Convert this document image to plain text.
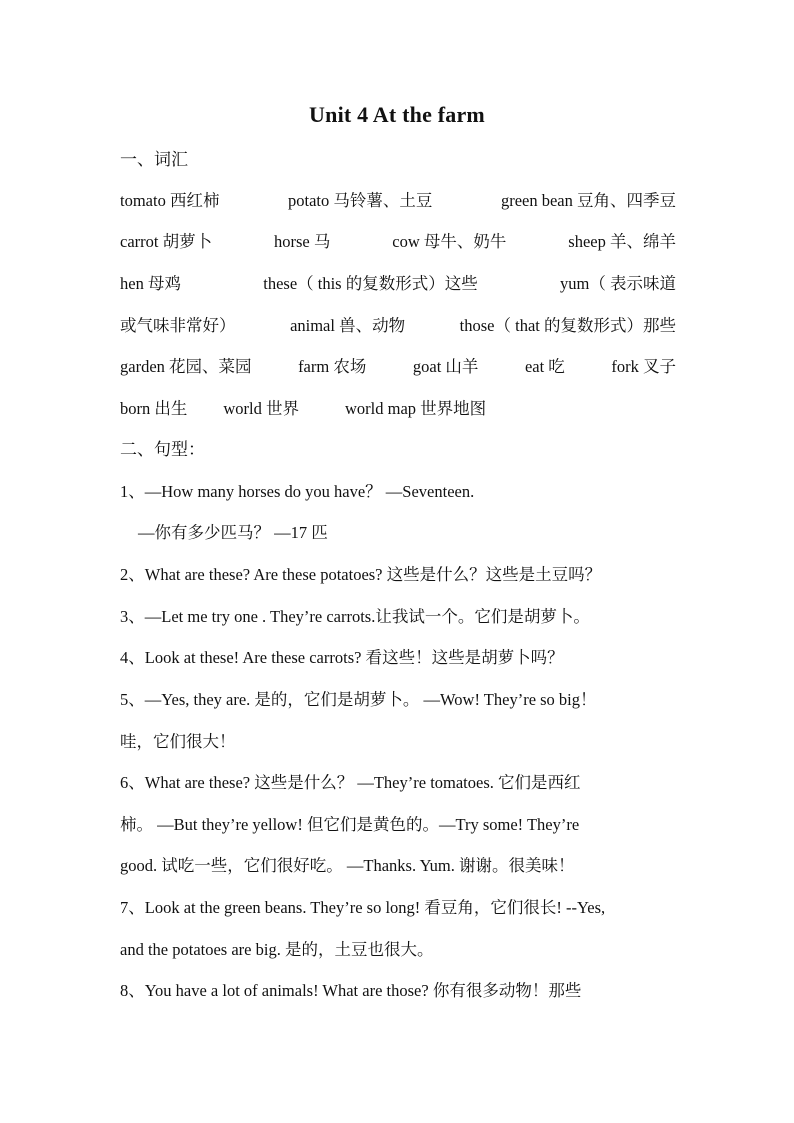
Unit 4 At the farm
一、词汇
tomato 西红柿	potato 马铃薯、土豆	green bean 豆角、四季豆
carrot 胡萝卜	horse 马	cow 母牛、奶牛	sheep 羊、绵羊
hen 母鸡	these（ this 的复数形式）这些	yum（ 表示味道
或气味非常好）	animal 兽、动物	those（ that 的复数形式）那些
garden 花园、菜园	farm 农场	goat 山羊	eat 吃	fork 叉子
born 出生 world 世界	world map 世界地图
二、句型：
1、—How many horses do you have？ —Seventeen.
—你有多少匹马？ —17 匹
2、What are these? Are these potatoes? 这些是什么？这些是土豆吗？
3、—Let me try one . They’re carrots.让我试一个。它们是胡萝卜。
4、Look at these! Are these carrots? 看这些！这些是胡萝卜吗？
5、—Yes, they are. 是的，它们是胡萝卜。 —Wow! They’re so big！
哇，它们很大！
6、What are these? 这些是什么？ —They’re tomatoes. 它们是西红
柿。 —But they’re yellow! 但它们是黄色的。—Try some! They’re
good. 试吃一些，它们很好吃。 —Thanks. Yum. 谢谢。很美味！
7、Look at the green beans. They’re so long! 看豆角，它们很长! --Yes,
and the potatoes are big. 是的，土豆也很大。
8、You have a lot of animals! What are those? 你有很多动物！那些
